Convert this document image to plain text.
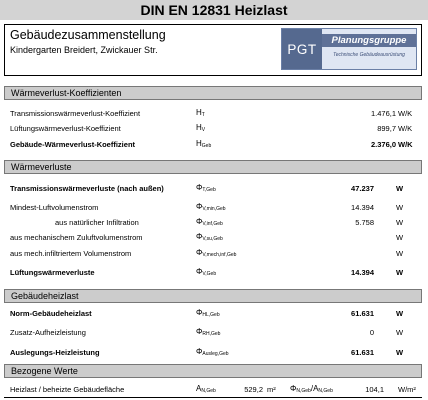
DIN EN 12831 Heizlast
Gebäudezusammenstellung
Kindergarten Breidert, Zwickauer Str.	PGT
Planungsgruppe
Technische Gebäudeausrüstung
Wärmeverlust-Koeffizienten
Transmissionswärmeverlust-Koeffizient	$H_T$	1.476,1 W/K
Lüftungswärmeverlust-Koeffizient	$H_V$	899,7 W/K
Gebäude-Wärmeverlust-Koeffizient	$H_{Geb}$	2.376,0 W/K
Wärmeverluste
Transmissionswärmeverluste (nach außen)	$\Phi_{T,Geb}$	47.237	W
Mindest-Luftvolumenstrom	$\Phi_{V,min,Geb}$	14.394	W
aus natürlicher Infiltration	$\Phi_{V,inf,Geb}$	5.758	W
aus mechanischem Zuluftvolumenstrom	$\Phi_{V,su,Geb}$	W
aus mech.infiltriertem Volumenstrom	$\Phi_{V,mech,inf,Geb}$	W
Lüftungswärmeverluste	$\Phi_{V,Geb}$	14.394	W
Gebäudeheizlast
Norm-Gebäudeheizlast	$\Phi_{HL,Geb}$	61.631	W
Zusatz-Aufheizleistung	$\Phi_{RH,Geb}$	0	W
Auslegungs-Heizleistung	$\Phi_{Ausleg,Geb}$	61.631	W
Bezogene Werte
Heizlast / beheizte Gebäudefläche	$A_{N,Geb}$	529,2 m² $\Phi_{N,Geb}/A_{N,Geb}$	104,1 W/m²
